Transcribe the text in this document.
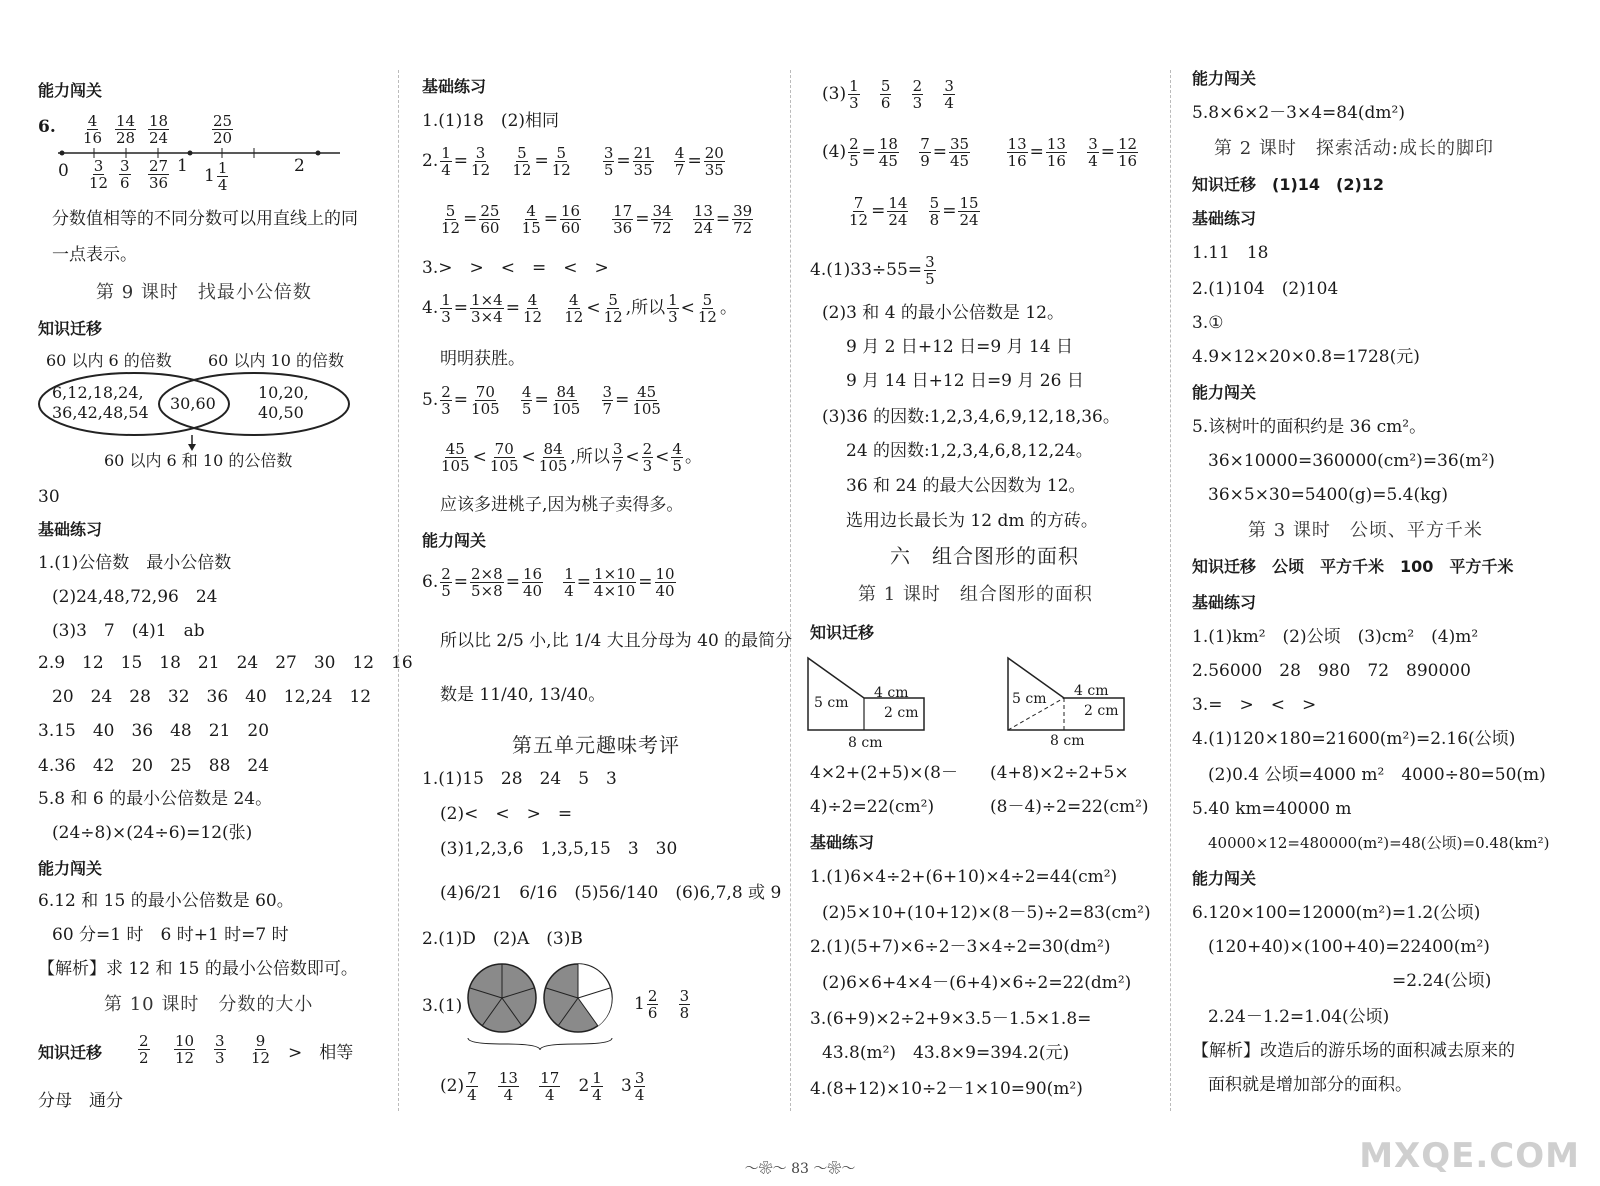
能力闯关
6. $\frac{4}{16} \frac{14}{28} \frac{18}{24}$	$\frac{25}{20}$
$0 \frac{3}{12} \frac{3}{6} \frac{27}{36} 1$ $1 \frac{1}{4}$	2
分数值相等的不同分数可以用直线上的同
一点表示。
第 9 课时　找最小公倍数
知识迁移
60 以内 6 的倍数 60 以内 10 的倍数
6,12,18,24,
36,42,48,54 30,60
10,20,
40,50
60 以内 6 和 10 的公倍数
30
基础练习
1.(1)公倍数　最小公倍数
(2)24,48,72,96　24
(3)3　7　(4)1　ab
2.9　12　15　18　21　24　27　30　12　16
20　24　28　32　36　40　12,24　12
3.15　40　36　48　21　20
4.36　42　20　25　88　24
5.8 和 6 的最小公倍数是 24。
(24÷8)×(24÷6)=12(张)
能力闯关
6.12 和 15 的最小公倍数是 60。
60 分=1 时　6 时+1 时=7 时
【解析】求 12 和 15 的最小公倍数即可。
第 10 课时　分数的大小
知识迁移 $\frac{2}{2} \frac{10}{12} \frac{3}{3} \frac{9}{12}$ >　相等
分母　通分
基础练习
1.(1)18　(2)相同
2. $\frac{1}{4} = \frac{3}{12}$
$\frac{5}{12} = \frac{5}{12}$
$\frac{3}{5} = \frac{21}{35}$
$\frac{4}{7} = \frac{20}{35}$
$\frac{5}{12} = \frac{25}{60}$
$\frac{4}{15} = \frac{16}{60}$
$\frac{17}{36} = \frac{34}{72}$
$\frac{13}{24} = \frac{39}{72}$
3.>　>　<　=　<　>
4. $\frac{1}{3} = \frac{1\times 4}{3\times 4} = \frac{4}{12}$
$\frac{4}{12} < \frac{5}{12}$ ,所以 $\frac{1}{3} < \frac{5}{12}$ 。
明明获胜。
5. $\frac{2}{3} = \frac{70}{105}$
$\frac{4}{5} = \frac{84}{105}$
$\frac{3}{7} = \frac{45}{105}$
$\frac{45}{105} < \frac{70}{105} < \frac{84}{105}$ ,所以 $\frac{3}{7} < \frac{2}{3} < \frac{4}{5}$ 。
应该多进桃子,因为桃子卖得多。
能力闯关
6. $\frac{2}{5} = \frac{2\times 8}{5\times 8} = \frac{16}{40}$
$\frac{1}{4} = \frac{1\times 10}{4\times 10} = \frac{10}{40}$
所以比 2/5 小,比 1/4 大且分母为 40 的最简分
数是 11/40, 13/40。
第五单元趣味考评
1.(1)15　28　24　5　3
(2)<　<　>　=
(3)1,2,3,6　1,3,5,15　3　30
(4)6/21　6/16　(5)56/140　(6)6,7,8 或 9
2.(1)D　(2)A　(3)B
3.(1)	$1 \frac{2}{6}$
$\frac{3}{8}$
$(2) \frac{7}{4}$
$\frac{13}{4}$
$\frac{17}{4} 2 \frac{1}{4} 3 \frac{3}{4}$
$(3) \frac{1}{3}$
$\frac{5}{6}$
$\frac{2}{3}$
$\frac{3}{4}$
$(4) \frac{2}{5} = \frac{18}{45}$
$\frac{7}{9} = \frac{35}{45}$
$\frac{13}{16} = \frac{13}{16}$
$\frac{3}{4} = \frac{12}{16}$
$\frac{7}{12} = \frac{14}{24}$
$\frac{5}{8} = \frac{15}{24}$
$4.(1)33\div 55= \frac{3}{5}$
(2)3 和 4 的最小公倍数是 12。
9 月 2 日+12 日=9 月 14 日
9 月 14 日+12 日=9 月 26 日
(3)36 的因数:1,2,3,4,6,9,12,18,36。
24 的因数:1,2,3,4,6,8,12,24。
36 和 24 的最大公因数为 12。
选用边长最长为 12 dm 的方砖。
六　组合图形的面积
第 1 课时　组合图形的面积
知识迁移
5 cm
4 cm
2 cm
8 cm
5 cm 4 cm
2 cm
8 cm
4×2+(2+5)×(8－
4)÷2=22(cm²)
(4+8)×2÷2+5×
(8－4)÷2=22(cm²)
基础练习
1.(1)6×4÷2+(6+10)×4÷2=44(cm²)
(2)5×10+(10+12)×(8－5)÷2=83(cm²)
2.(1)(5+7)×6÷2－3×4÷2=30(dm²)
(2)6×6+4×4－(6+4)×6÷2=22(dm²)
3.(6+9)×2÷2+9×3.5－1.5×1.8=
43.8(m²)　43.8×9=394.2(元)
4.(8+12)×10÷2－1×10=90(m²)
能力闯关
5.8×6×2－3×4=84(dm²)
第 2 课时　探索活动:成长的脚印
知识迁移　(1)14　(2)12
基础练习
1.11　18
2.(1)104　(2)104
3.①
4.9×12×20×0.8=1728(元)
能力闯关
5.该树叶的面积约是 36 cm²。
36×10000=360000(cm²)=36(m²)
36×5×30=5400(g)=5.4(kg)
第 3 课时　公顷、平方千米
知识迁移　公顷　平方千米　100　平方千米
基础练习
1.(1)km²　(2)公顷　(3)cm²　(4)m²
2.56000　28　980　72　890000
3.=　>　<　>
4.(1)120×180=21600(m²)=2.16(公顷)
(2)0.4 公顷=4000 m²　4000÷80=50(m)
5.40 km=40000 m
40000×12=480000(m²)=48(公顷)=0.48(km²)
能力闯关
6.120×100=12000(m²)=1.2(公顷)
(120+40)×(100+40)=22400(m²)
=2.24(公顷)
2.24－1.2=1.04(公顷)
【解析】改造后的游乐场的面积减去原来的
面积就是增加部分的面积。
〜❀〜 83 〜❀〜	MXQE.COM
